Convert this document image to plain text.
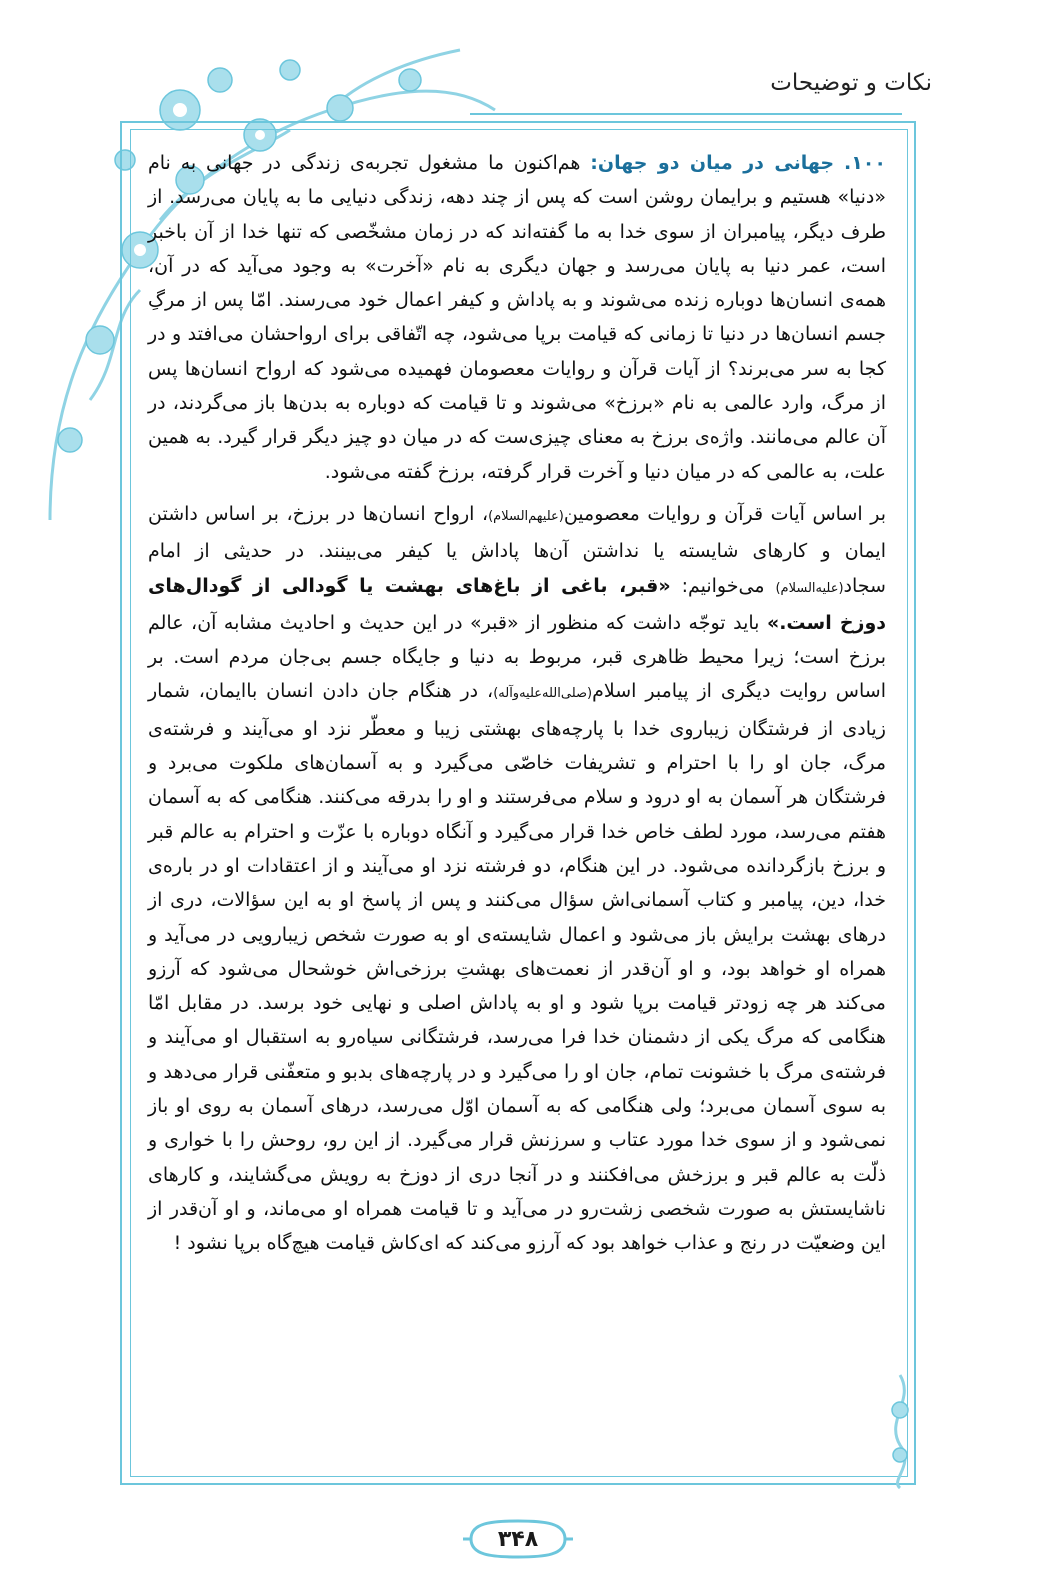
نکات و توضیحات

۱۰۰. جهانی در میان دو جهان: هم‌اکنون ما مشغول تجربه‌ی زندگی در جهانی به نام «دنیا» هستیم و برایمان روشن است که پس از چند دهه، زندگی دنیایی ما به پایان می‌رسد. از طرف دیگر، پیامبران از سوی خدا به ما گفته‌اند که در زمان مشخّصی که تنها خدا از آن باخبر است، عمر دنیا به پایان می‌رسد و جهان دیگری به نام «آخرت» به وجود می‌آید که در آن، همه‌ی انسان‌ها دوباره زنده می‌شوند و به پاداش و کیفر اعمال خود می‌رسند. امّا پس از مرگِ جسم انسان‌ها در دنیا تا زمانی که قیامت برپا می‌شود، چه اتّفاقی برای ارواحشان می‌افتد و در کجا به سر می‌برند؟ از آیات قرآن و روایات معصومان فهمیده می‌شود که ارواح انسان‌ها پس از مرگ، وارد عالمی به نام «برزخ» می‌شوند و تا قیامت که دوباره به بدن‌ها باز می‌گردند، در آن عالم می‌مانند. واژه‌ی برزخ به معنای چیزی‌ست که در میان دو چیز دیگر قرار گیرد. به همین علت، به عالمی که در میان دنیا و آخرت قرار گرفته، برزخ گفته می‌شود.

بر اساس آیات قرآن و روایات معصومین(علیهم‌السلام)، ارواح انسان‌ها در برزخ، بر اساس داشتن ایمان و کارهای شایسته یا نداشتن آن‌ها پاداش یا کیفر می‌بینند. در حدیثی از امام سجاد(علیه‌السلام) می‌خوانیم: «قبر، باغی از باغ‌های بهشت یا گودالی از گودال‌های دوزخ است.» باید توجّه داشت که منظور از «قبر» در این حدیث و احادیث مشابه آن، عالم برزخ است؛ زیرا محیط ظاهری قبر، مربوط به دنیا و جایگاه جسم بی‌جان مردم است. بر اساس روایت دیگری از پیامبر اسلام(صلی‌الله‌علیه‌وآله)، در هنگام جان دادن انسان باایمان، شمار زیادی از فرشتگان زیباروی خدا با پارچه‌های بهشتی زیبا و معطّر نزد او می‌آیند و فرشته‌ی مرگ، جان او را با احترام و تشریفات خاصّی می‌گیرد و به آسمان‌های ملکوت می‌برد و فرشتگان هر آسمان به او درود و سلام می‌فرستند و او را بدرقه می‌کنند. هنگامی که به آسمان هفتم می‌رسد، مورد لطف خاص خدا قرار می‌گیرد و آنگاه دوباره با عزّت و احترام به عالم قبر و برزخ بازگردانده می‌شود. در این هنگام، دو فرشته نزد او می‌آیند و از اعتقادات او در باره‌ی خدا، دین، پیامبر و کتاب آسمانی‌اش سؤال می‌کنند و پس از پاسخ او به این سؤالات، دری از درهای بهشت برایش باز می‌شود و اعمال شایسته‌ی او به صورت شخص زیبارویی در می‌آید و همراه او خواهد بود، و او آن‌قدر از نعمت‌های بهشتِ برزخی‌اش خوشحال می‌شود که آرزو می‌کند هر چه زودتر قیامت برپا شود و او به پاداش اصلی و نهایی خود برسد. در مقابل امّا هنگامی که مرگ یکی از دشمنان خدا فرا می‌رسد، فرشتگانی سیاه‌رو به استقبال او می‌آیند و فرشته‌ی مرگ با خشونت تمام، جان او را می‌گیرد و در پارچه‌های بدبو و متعفّنی قرار می‌دهد و به سوی آسمان می‌برد؛ ولی هنگامی که به آسمان اوّل می‌رسد، درهای آسمان به روی او باز نمی‌شود و از سوی خدا مورد عتاب و سرزنش قرار می‌گیرد. از این رو، روحش را با خواری و ذلّت به عالم قبر و برزخش می‌افکنند و در آنجا دری از دوزخ به رویش می‌گشایند، و کارهای ناشایستش به صورت شخصی زشت‌رو در می‌آید و تا قیامت همراه او می‌ماند، و او آن‌قدر از این وضعیّت در رنج و عذاب خواهد بود که آرزو می‌کند که ای‌کاش قیامت هیچ‌گاه برپا نشود !

۳۴۸
